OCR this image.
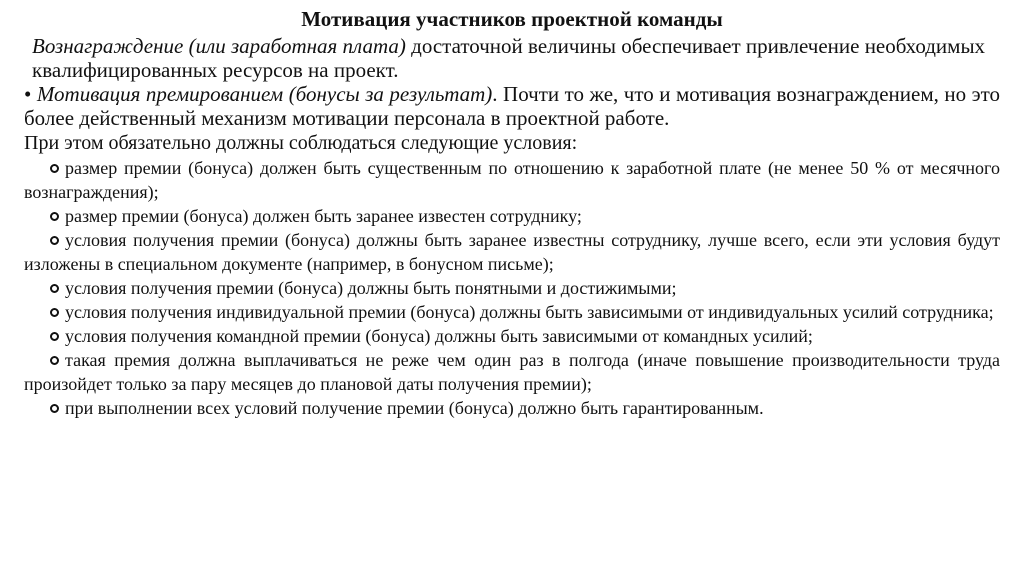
Мотивация участников проектной команды

Вознаграждение (или заработная плата) достаточной величины обеспечивает привлечение необходимых квалифицированных ресурсов на проект.

• Мотивация премированием (бонусы за результат). Почти то же, что и мотивация вознаграждением, но это более действенный механизм мотивации персонала в проектной работе.

При этом обязательно должны соблюдаться следующие условия:

размер премии (бонуса) должен быть существенным по отношению к заработной плате (не менее 50 % от месячного вознаграждения);
размер премии (бонуса) должен быть заранее известен сотруднику;
условия получения премии (бонуса) должны быть заранее известны сотруднику, лучше всего, если эти условия будут изложены в специальном документе (например, в бонусном письме);
условия получения премии (бонуса) должны быть понятными и достижимыми;
условия получения индивидуальной премии (бонуса) должны быть зависимыми от индивидуальных усилий сотрудника;
условия получения командной премии (бонуса) должны быть зависимыми от командных усилий;
такая премия должна выплачиваться не реже чем один раз в полгода (иначе повышение производительности труда произойдет только за пару месяцев до плановой даты получения премии);
при выполнении всех условий получение премии (бонуса) должно быть гарантированным.
